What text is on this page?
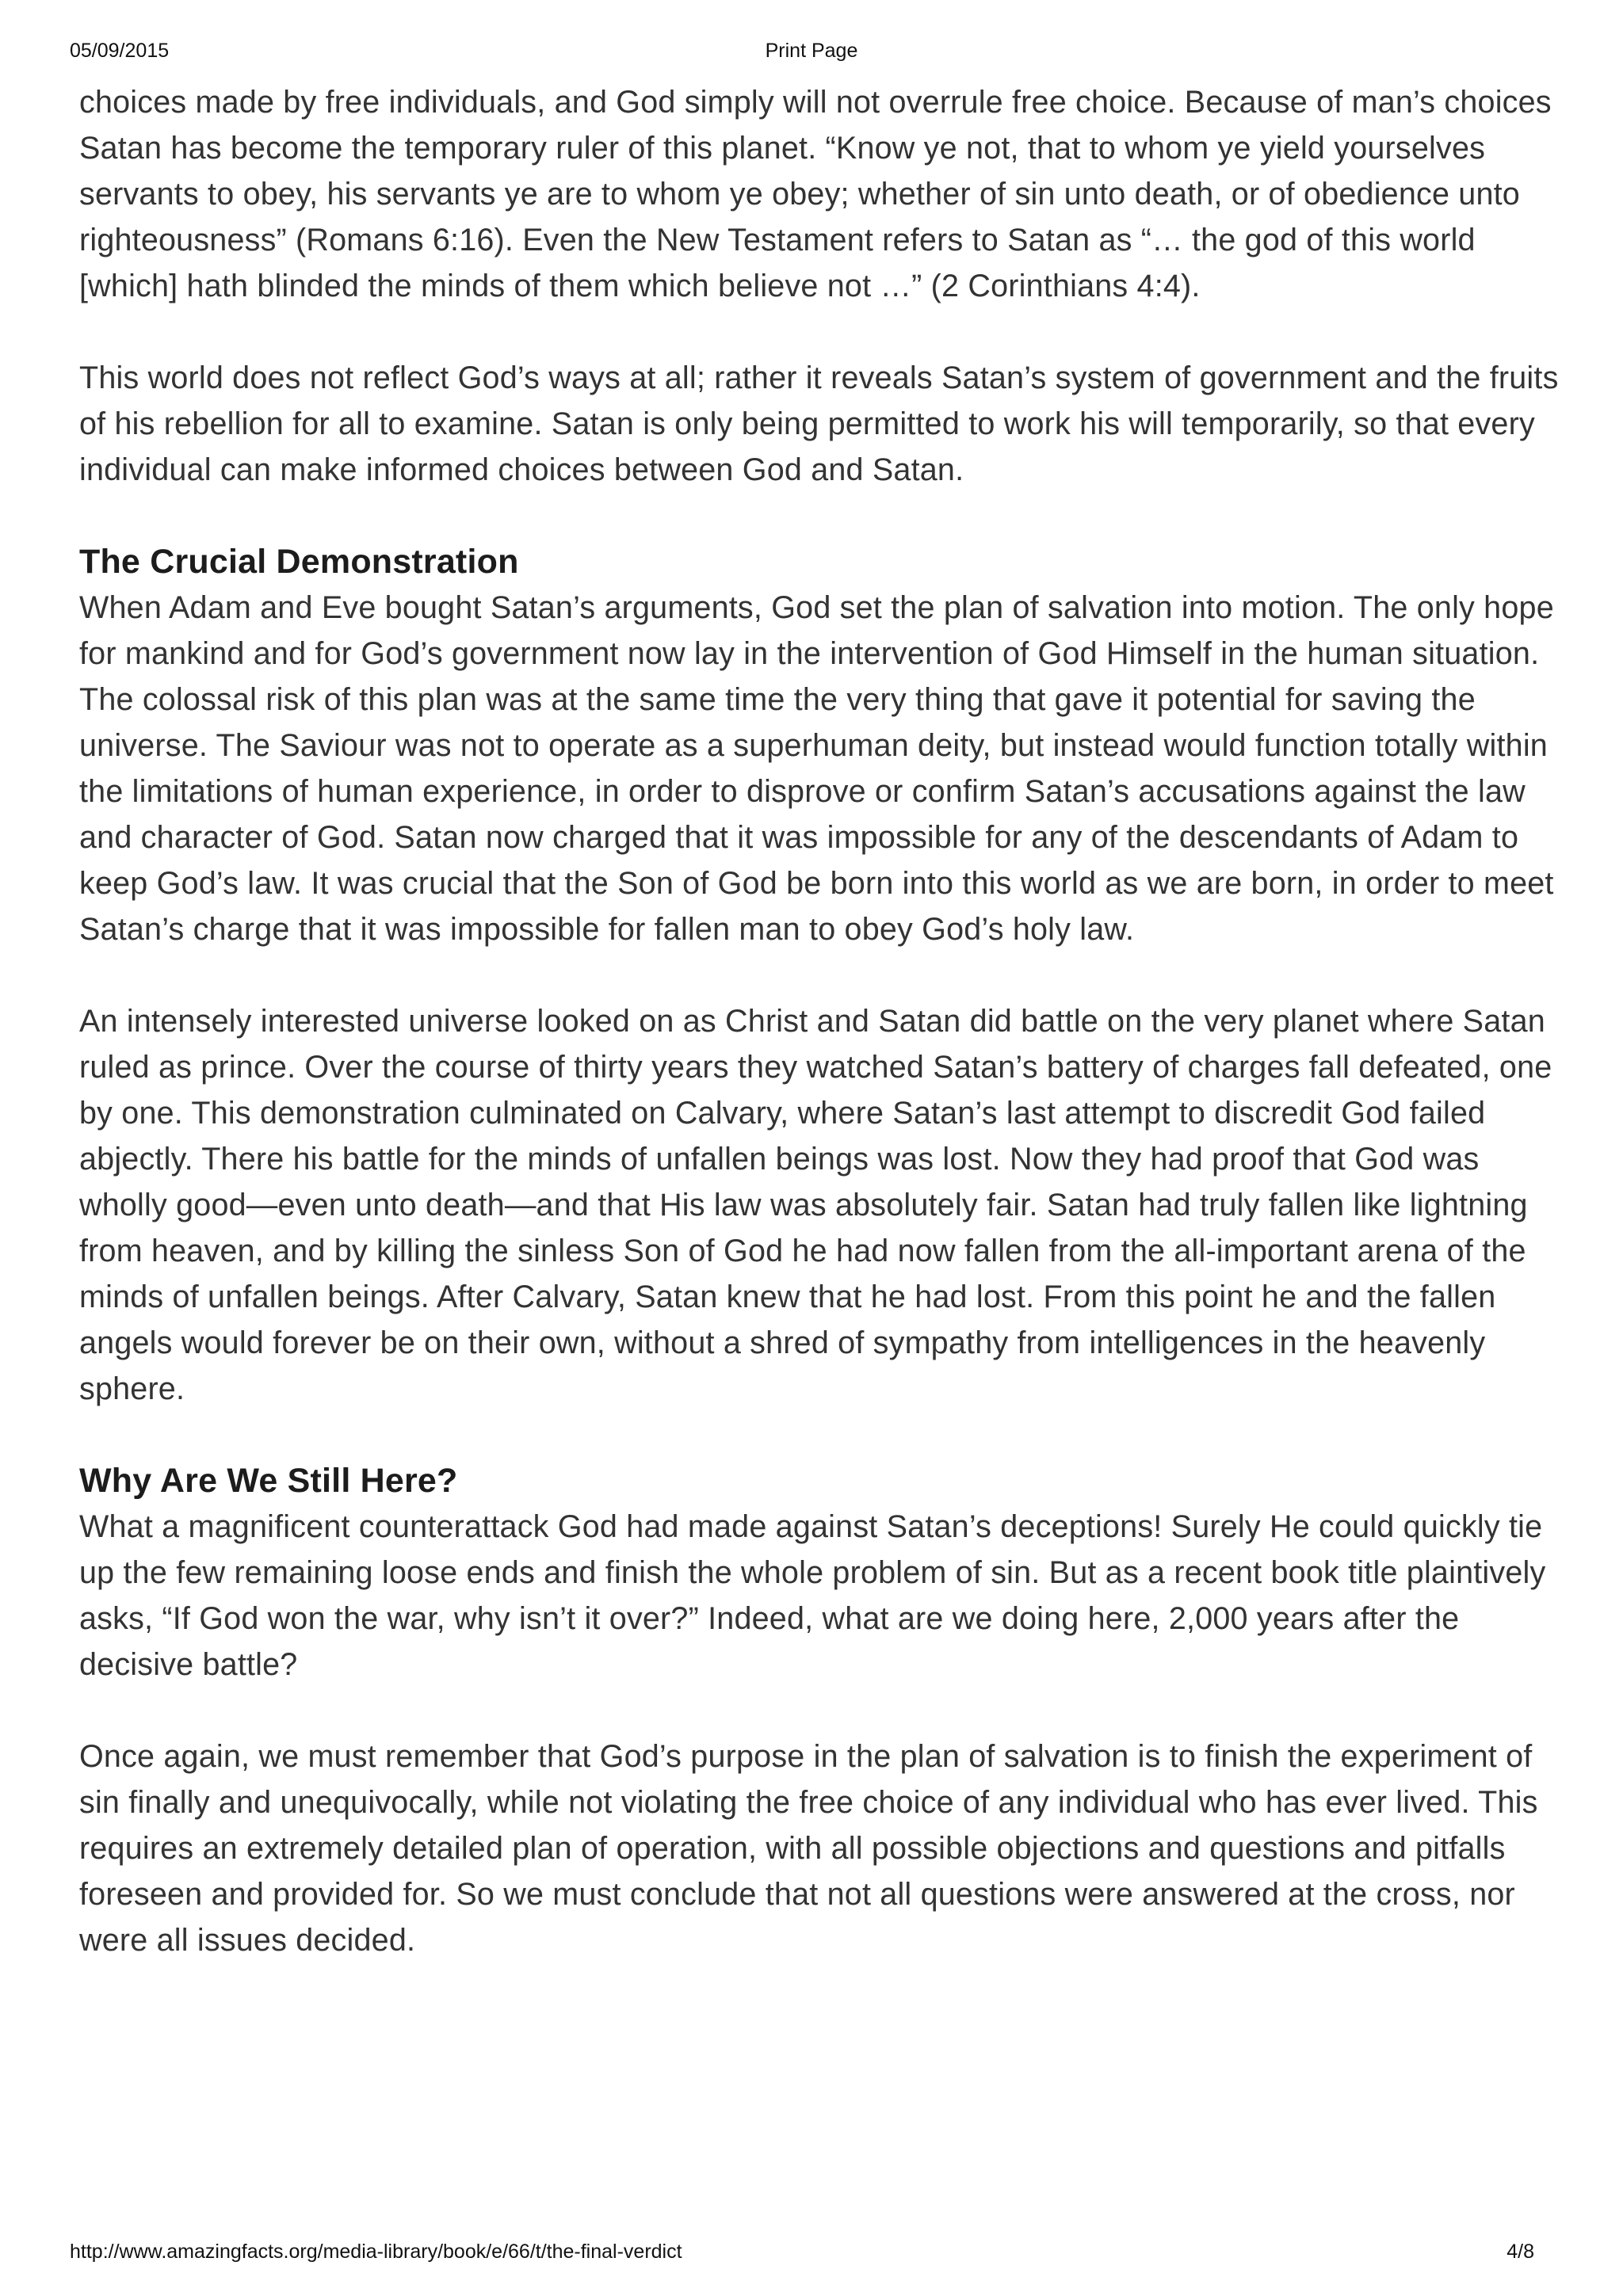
05/09/2015	Print Page

choices made by free individuals, and God simply will not overrule free choice. Because of man’s choices Satan has become the temporary ruler of this planet. “Know ye not, that to whom ye yield yourselves servants to obey, his servants ye are to whom ye obey; whether of sin unto death, or of obedience unto righteousness” (Romans 6:16). Even the New Testament refers to Satan as “… the god of this world [which] hath blinded the minds of them which believe not …” (2 Corinthians 4:4).

This world does not reflect God’s ways at all; rather it reveals Satan’s system of government and the fruits of his rebellion for all to examine. Satan is only being permitted to work his will temporarily, so that every individual can make informed choices between God and Satan.

The Crucial Demonstration

When Adam and Eve bought Satan’s arguments, God set the plan of salvation into motion. The only hope for mankind and for God’s government now lay in the intervention of God Himself in the human situation. The colossal risk of this plan was at the same time the very thing that gave it potential for saving the universe. The Saviour was not to operate as a superhuman deity, but instead would function totally within the limitations of human experience, in order to disprove or confirm Satan’s accusations against the law and character of God. Satan now charged that it was impossible for any of the descendants of Adam to keep God’s law. It was crucial that the Son of God be born into this world as we are born, in order to meet Satan’s charge that it was impossible for fallen man to obey God’s holy law.

An intensely interested universe looked on as Christ and Satan did battle on the very planet where Satan ruled as prince. Over the course of thirty years they watched Satan’s battery of charges fall defeated, one by one. This demonstration culminated on Calvary, where Satan’s last attempt to discredit God failed abjectly. There his battle for the minds of unfallen beings was lost. Now they had proof that God was wholly good—even unto death—and that His law was absolutely fair. Satan had truly fallen like lightning from heaven, and by killing the sinless Son of God he had now fallen from the all-important arena of the minds of unfallen beings. After Calvary, Satan knew that he had lost. From this point he and the fallen angels would forever be on their own, without a shred of sympathy from intelligences in the heavenly sphere.

Why Are We Still Here?

What a magnificent counterattack God had made against Satan’s deceptions! Surely He could quickly tie up the few remaining loose ends and finish the whole problem of sin. But as a recent book title plaintively asks, “If God won the war, why isn’t it over?” Indeed, what are we doing here, 2,000 years after the decisive battle?

Once again, we must remember that God’s purpose in the plan of salvation is to finish the experiment of sin finally and unequivocally, while not violating the free choice of any individual who has ever lived. This requires an extremely detailed plan of operation, with all possible objections and questions and pitfalls foreseen and provided for. So we must conclude that not all questions were answered at the cross, nor were all issues decided.

http://www.amazingfacts.org/media-library/book/e/66/t/the-final-verdict	4/8
